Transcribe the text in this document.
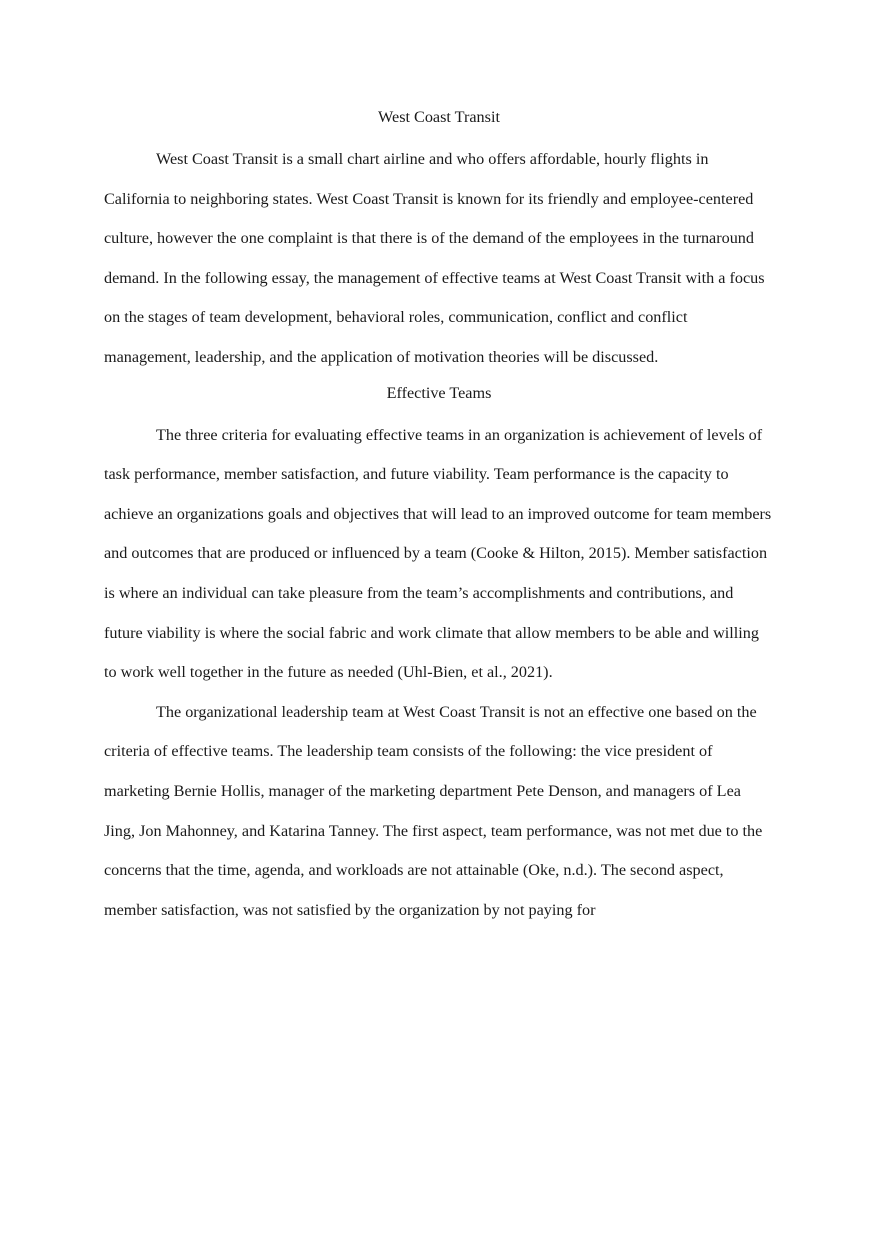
West Coast Transit

West Coast Transit is a small chart airline and who offers affordable, hourly flights in California to neighboring states. West Coast Transit is known for its friendly and employee-centered culture, however the one complaint is that there is of the demand of the employees in the turnaround demand. In the following essay, the management of effective teams at West Coast Transit with a focus on the stages of team development, behavioral roles, communication, conflict and conflict management, leadership, and the application of motivation theories will be discussed.

Effective Teams

The three criteria for evaluating effective teams in an organization is achievement of levels of task performance, member satisfaction, and future viability. Team performance is the capacity to achieve an organizations goals and objectives that will lead to an improved outcome for team members and outcomes that are produced or influenced by a team (Cooke & Hilton, 2015). Member satisfaction is where an individual can take pleasure from the team’s accomplishments and contributions, and future viability is where the social fabric and work climate that allow members to be able and willing to work well together in the future as needed (Uhl-Bien, et al., 2021).

The organizational leadership team at West Coast Transit is not an effective one based on the criteria of effective teams. The leadership team consists of the following: the vice president of marketing Bernie Hollis, manager of the marketing department Pete Denson, and managers of Lea Jing, Jon Mahonney, and Katarina Tanney. The first aspect, team performance, was not met due to the concerns that the time, agenda, and workloads are not attainable (Oke, n.d.). The second aspect, member satisfaction, was not satisfied by the organization by not paying for
